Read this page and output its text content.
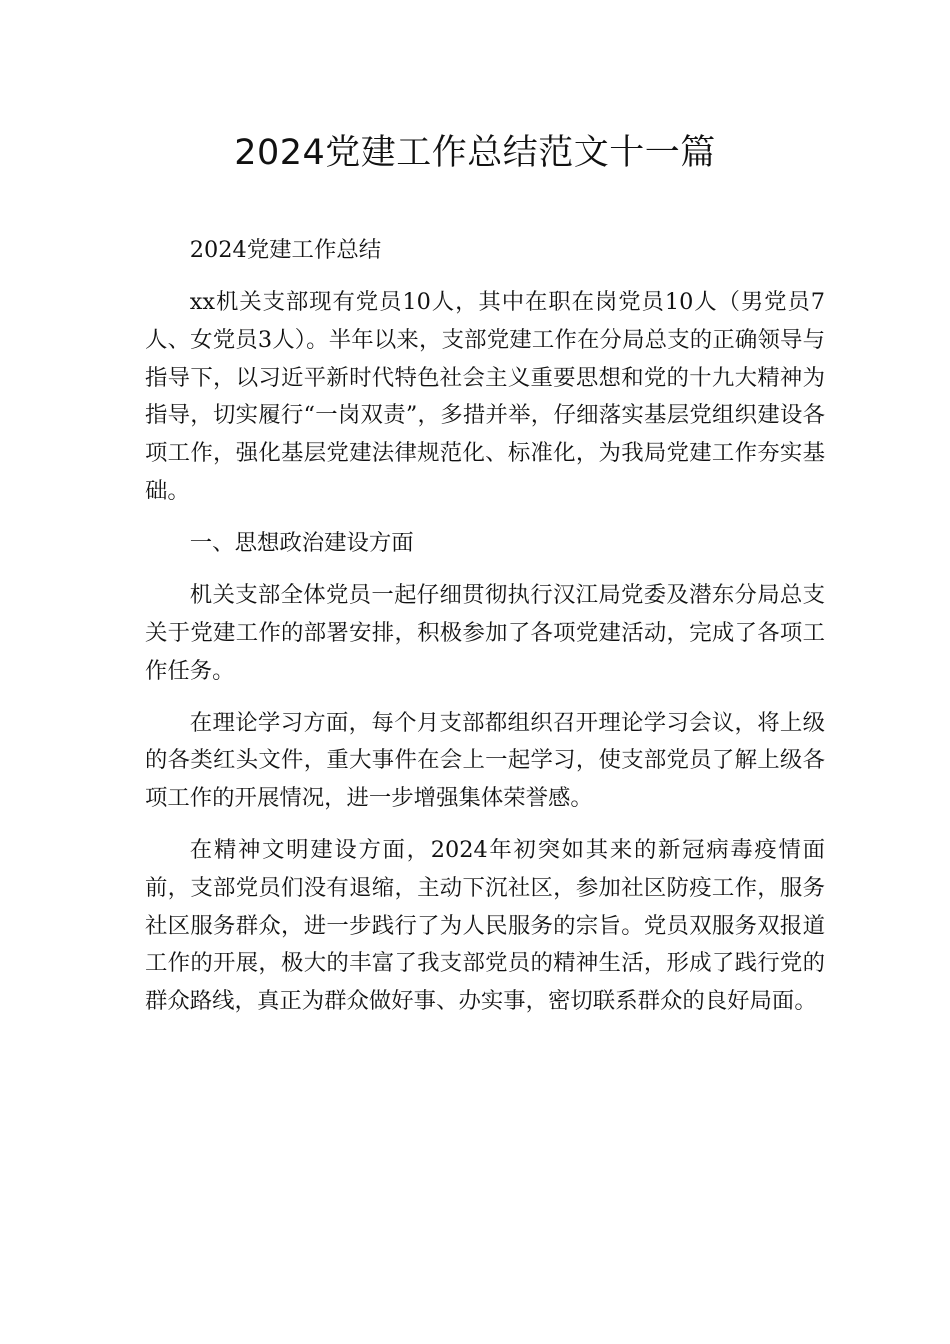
2024党建工作总结范文十一篇

2024党建工作总结

xx机关支部现有党员10人，其中在职在岗党员10人（男党员7人、女党员3人）。半年以来，支部党建工作在分局总支的正确领导与指导下，以习近平新时代特色社会主义重要思想和党的十九大精神为指导，切实履行“一岗双责”，多措并举，仔细落实基层党组织建设各项工作，强化基层党建法律规范化、标准化，为我局党建工作夯实基础。

一、思想政治建设方面

机关支部全体党员一起仔细贯彻执行汉江局党委及潜东分局总支关于党建工作的部署安排，积极参加了各项党建活动，完成了各项工作任务。

在理论学习方面，每个月支部都组织召开理论学习会议，将上级的各类红头文件，重大事件在会上一起学习，使支部党员了解上级各项工作的开展情况，进一步增强集体荣誉感。

在精神文明建设方面，2024年初突如其来的新冠病毒疫情面前，支部党员们没有退缩，主动下沉社区，参加社区防疫工作，服务社区服务群众，进一步践行了为人民服务的宗旨。党员双服务双报道工作的开展，极大的丰富了我支部党员的精神生活，形成了践行党的群众路线，真正为群众做好事、办实事，密切联系群众的良好局面。
